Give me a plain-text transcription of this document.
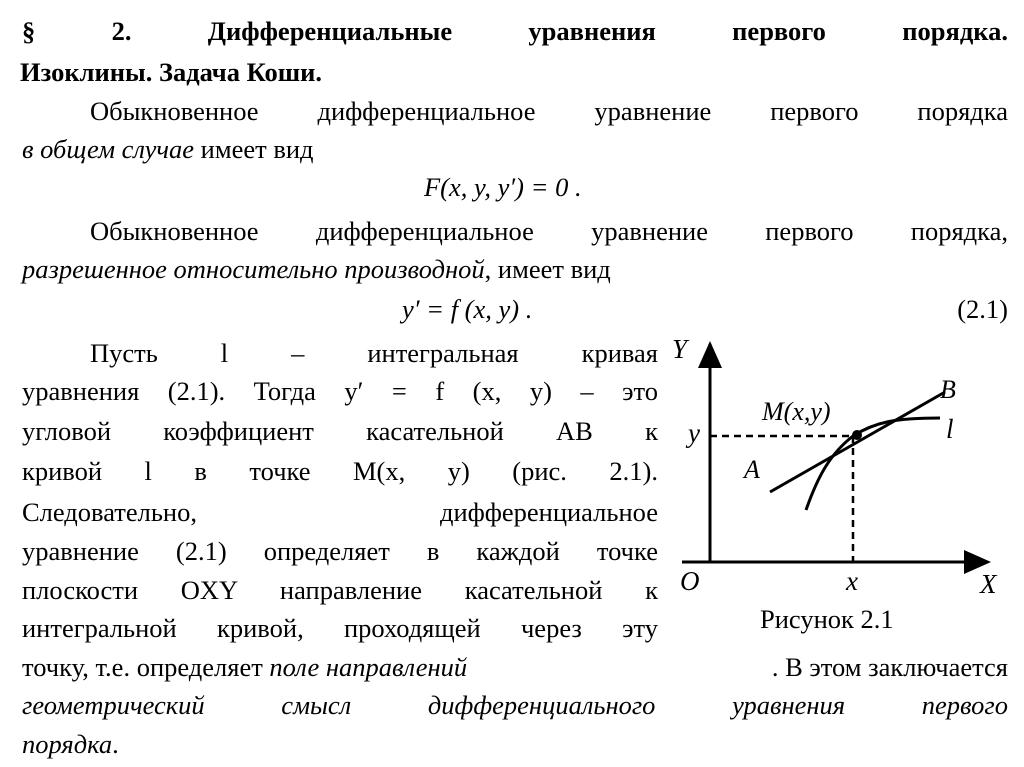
§ 2. Дифференциальные уравнения первого порядка.
Изоклины. Задача Коши.
Обыкновенное дифференциальное уравнение первого порядка
в общем случае имеет вид
F(x, y, y′) = 0 .
Обыкновенное дифференциальное уравнение первого порядка,
разрешенное относительно производной, имеет вид
y′ = f (x, y) .	(2.1)
Пусть l – интегральная кривая
уравнения (2.1). Тогда y′ = f (x, y) – это
угловой коэффициент касательной AB к
кривой l в точке M(x, y) (рис. 2.1).
Следовательно, дифференциальное
уравнение (2.1) определяет в каждой точке
плоскости OXY направление касательной к
интегральной кривой, проходящей через эту
точку, т.е. определяет поле направлений	. В этом заключается
геометрический смысл дифференциального уравнения первого
порядка.
Y
X
O	x
y
M(x,y)
A
B
l
Рисунок 2.1
